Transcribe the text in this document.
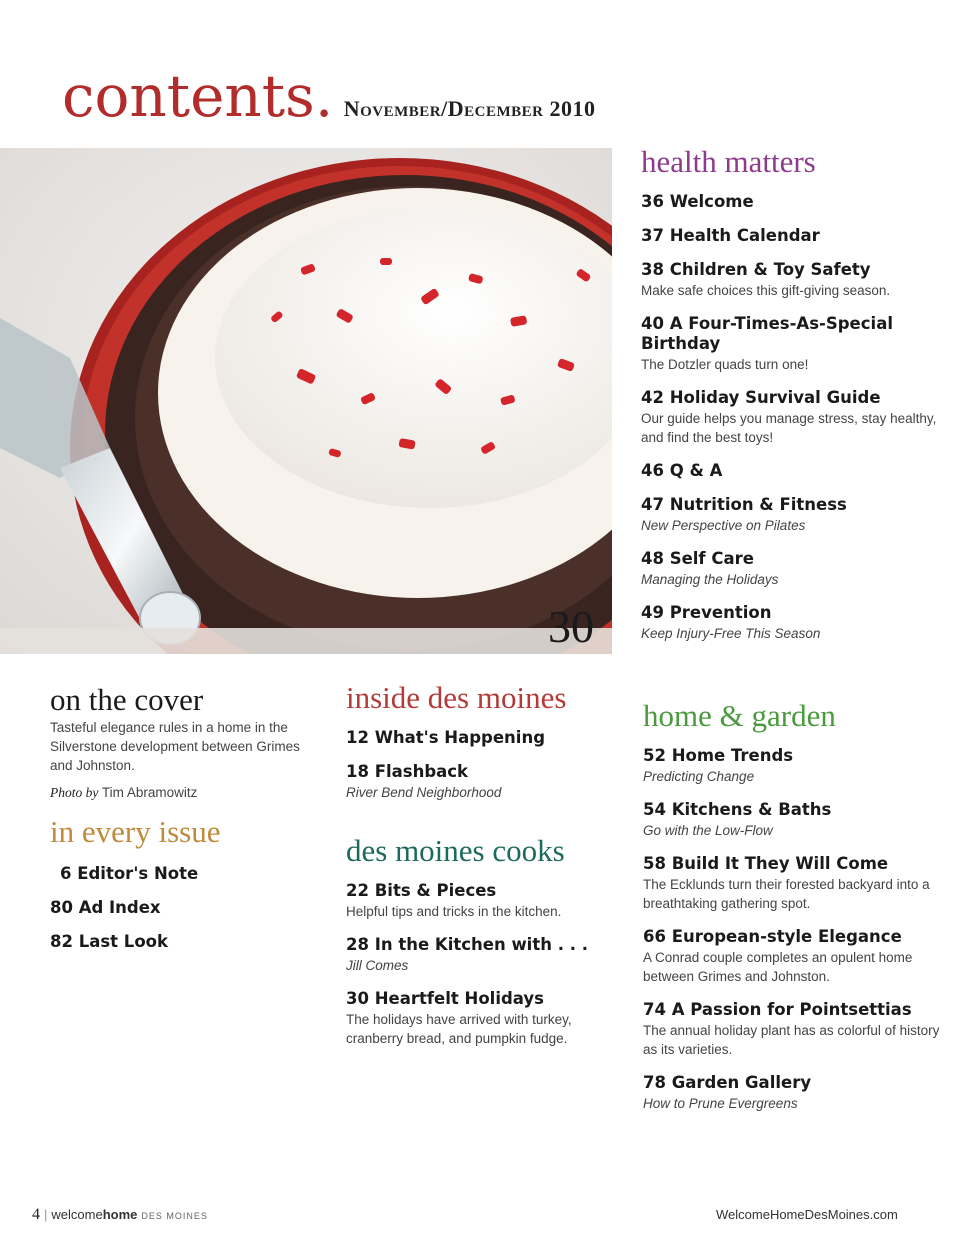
contents. November/December 2010
30
health matters
36 Welcome
37 Health Calendar
38 Children & Toy Safety
Make safe choices this gift-giving season.
40 A Four-Times-As-Special Birthday
The Dotzler quads turn one!
42 Holiday Survival Guide
Our guide helps you manage stress, stay healthy, and find the best toys!
46 Q & A
47 Nutrition & Fitness
New Perspective on Pilates
48 Self Care
Managing the Holidays
49 Prevention
Keep Injury-Free This Season
home & garden
52 Home Trends
Predicting Change
54 Kitchens & Baths
Go with the Low-Flow
58 Build It They Will Come
The Ecklunds turn their forested backyard into a breathtaking gathering spot.
66 European-style Elegance
A Conrad couple completes an opulent home between Grimes and Johnston.
74 A Passion for Pointsettias
The annual holiday plant has as colorful of history as its varieties.
78 Garden Gallery
How to Prune Evergreens
inside des moines
12 What's Happening
18 Flashback
River Bend Neighborhood
des moines cooks
22 Bits & Pieces
Helpful tips and tricks in the kitchen.
28 In the Kitchen with . . .
Jill Comes
30 Heartfelt Holidays
The holidays have arrived with turkey, cranberry bread, and pumpkin fudge.
on the cover
Tasteful elegance rules in a home in the Silverstone development between Grimes and Johnston.
Photo by Tim Abramowitz
in every issue
6 Editor's Note
80 Ad Index
82 Last Look
4 | welcomehome DES MOINES	WelcomeHomeDesMoines.com
